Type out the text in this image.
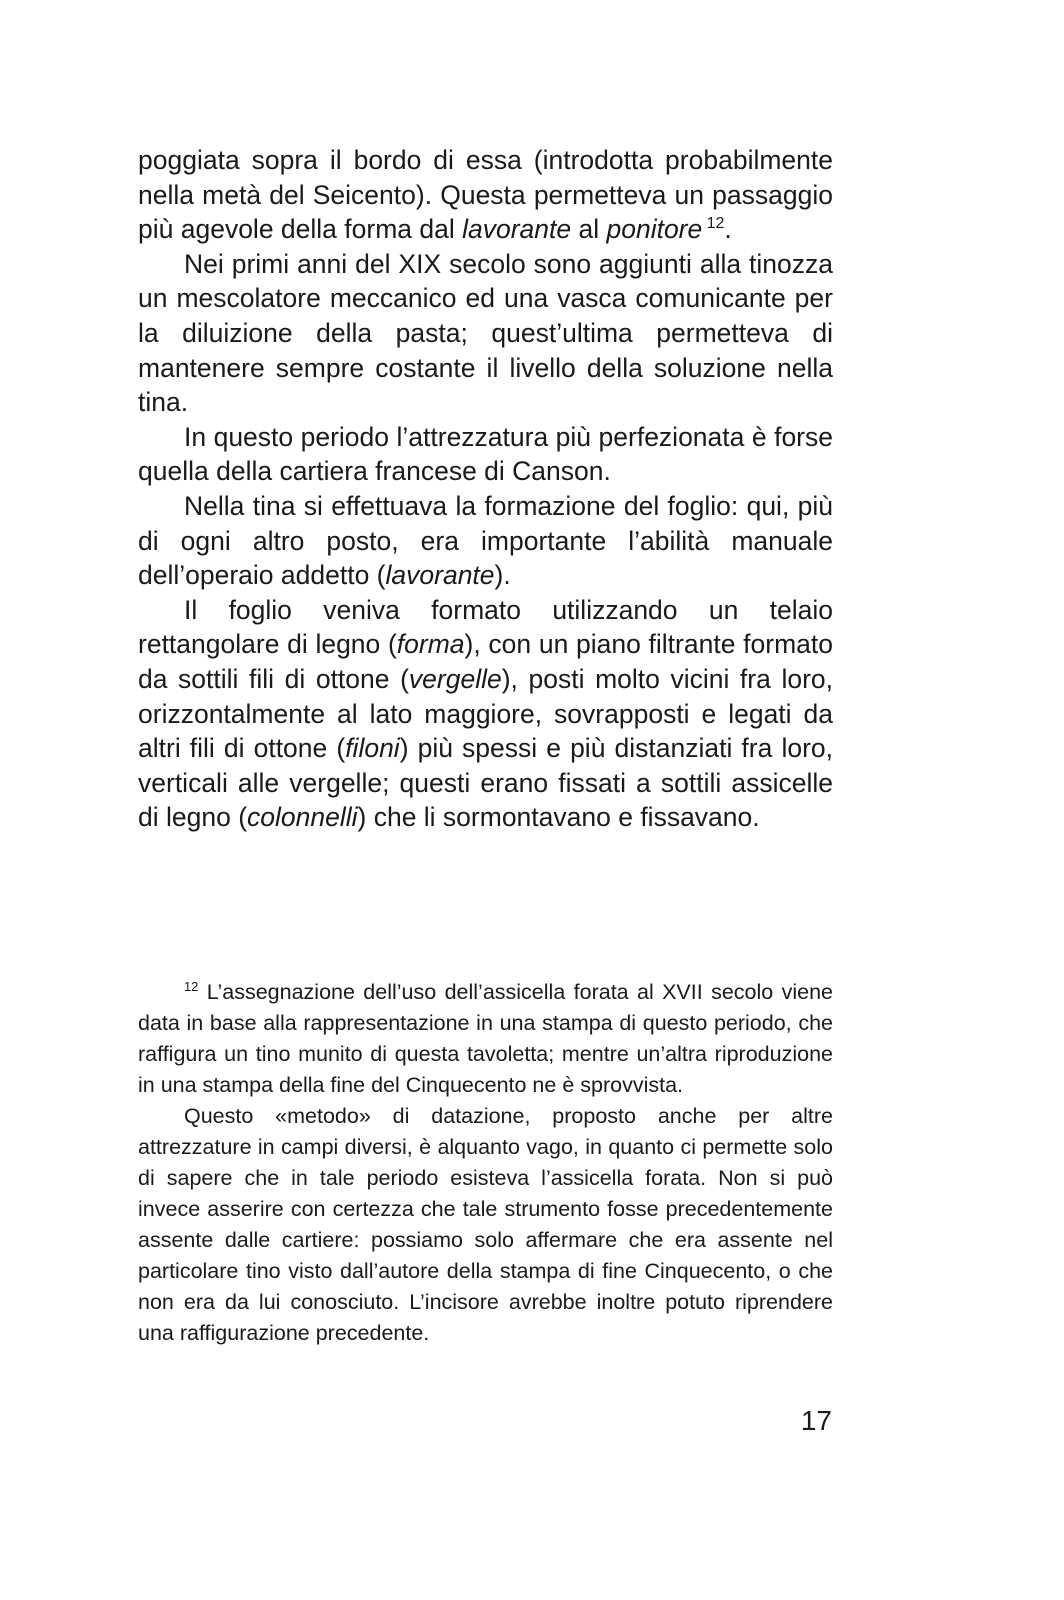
poggiata sopra il bordo di essa (introdotta probabilmente nella metà del Seicento). Questa permetteva un passaggio più agevole della forma dal lavorante al ponitore $^{12}$.

Nei primi anni del XIX secolo sono aggiunti alla tinozza un mescolatore meccanico ed una vasca comunicante per la diluizione della pasta; quest’ultima permetteva di mantenere sempre costante il livello della soluzione nella tina.

In questo periodo l’attrezzatura più perfezionata è forse quella della cartiera francese di Canson.

Nella tina si effettuava la formazione del foglio: qui, più di ogni altro posto, era importante l’abilità manuale dell’operaio addetto (lavorante).

Il foglio veniva formato utilizzando un telaio rettangolare di legno (forma), con un piano filtrante formato da sottili fili di ottone (vergelle), posti molto vicini fra loro, orizzontalmente al lato maggiore, sovrapposti e legati da altri fili di ottone (filoni) più spessi e più distanziati fra loro, verticali alle vergelle; questi erano fissati a sottili assicelle di legno (colonnelli) che li sormontavano e fissavano.

$^{12}$ L’assegnazione dell’uso dell’assicella forata al XVII secolo viene data in base alla rappresentazione in una stampa di questo periodo, che raffigura un tino munito di questa tavoletta; mentre un’altra riproduzione in una stampa della fine del Cinquecento ne è sprovvista.

Questo «metodo» di datazione, proposto anche per altre attrezzature in campi diversi, è alquanto vago, in quanto ci permette solo di sapere che in tale periodo esisteva l’assicella forata. Non si può invece asserire con certezza che tale strumento fosse precedentemente assente dalle cartiere: possiamo solo affermare che era assente nel particolare tino visto dall’autore della stampa di fine Cinquecento, o che non era da lui conosciuto. L’incisore avrebbe inoltre potuto riprendere una raffigurazione precedente.

17
